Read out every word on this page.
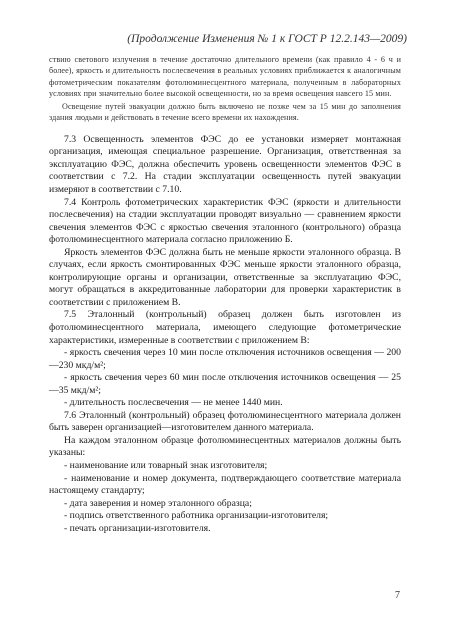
(Продолжение Изменения № 1 к ГОСТ Р 12.2.143—2009)

ствию светового излучения в течение достаточно длительного времени (как правило 4 - 6 ч и более), яркость и длительность послесвечения в реальных условиях приближается к аналогичным фотометрическим показателям фотолюминесцентного материала, полученным в лабораторных условиях при значительно более высокой освещенности, но за время освещения навсего 15 мин.

Освещение путей эвакуации должно быть включено не позже чем за 15 мин до заполнения здания людьми и действовать в течение всего времени их нахождения.

7.3 Освещенность элементов ФЭС до ее установки измеряет монтажная организация, имеющая специальное разрешение. Организация, ответственная за эксплуатацию ФЭС, должна обеспечить уровень освещенности элементов ФЭС в соответствии с 7.2. На стадии эксплуатации освещенность путей эвакуации измеряют в соответствии с 7.10.

7.4 Контроль фотометрических характеристик ФЭС (яркости и длительности послесвечения) на стадии эксплуатации проводят визуально — сравнением яркости свечения элементов ФЭС с яркостью свечения эталонного (контрольного) образца фотолюминесцентного материала согласно приложению Б.

Яркость элементов ФЭС должна быть не меньше яркости эталонного образца. В случаях, если яркость смонтированных ФЭС меньше яркости эталонного образца, контролирующие органы и организации, ответственные за эксплуатацию ФЭС, могут обращаться в аккредитованные лаборатории для проверки характеристик в соответствии с приложением В.

7.5 Эталонный (контрольный) образец должен быть изготовлен из фотолюминесцентного материала, имеющего следующие фотометрические характеристики, измеренные в соответствии с приложением В:

- яркость свечения через 10 мин после отключения источников освещения — 200—230 мкд/м²;
- яркость свечения через 60 мин после отключения источников освещения — 25—35 мкд/м²;
- длительность послесвечения — не менее 1440 мин.

7.6 Эталонный (контрольный) образец фотолюминесцентного материала должен быть заверен организацией—изготовителем данного материала.

На каждом эталонном образце фотолюминесцентных материалов должны быть указаны:

- наименование или товарный знак изготовителя;
- наименование и номер документа, подтверждающего соответствие материала настоящему стандарту;
- дата заверения и номер эталонного образца;
- подпись ответственного работника организации-изготовителя;
- печать организации-изготовителя.
7
